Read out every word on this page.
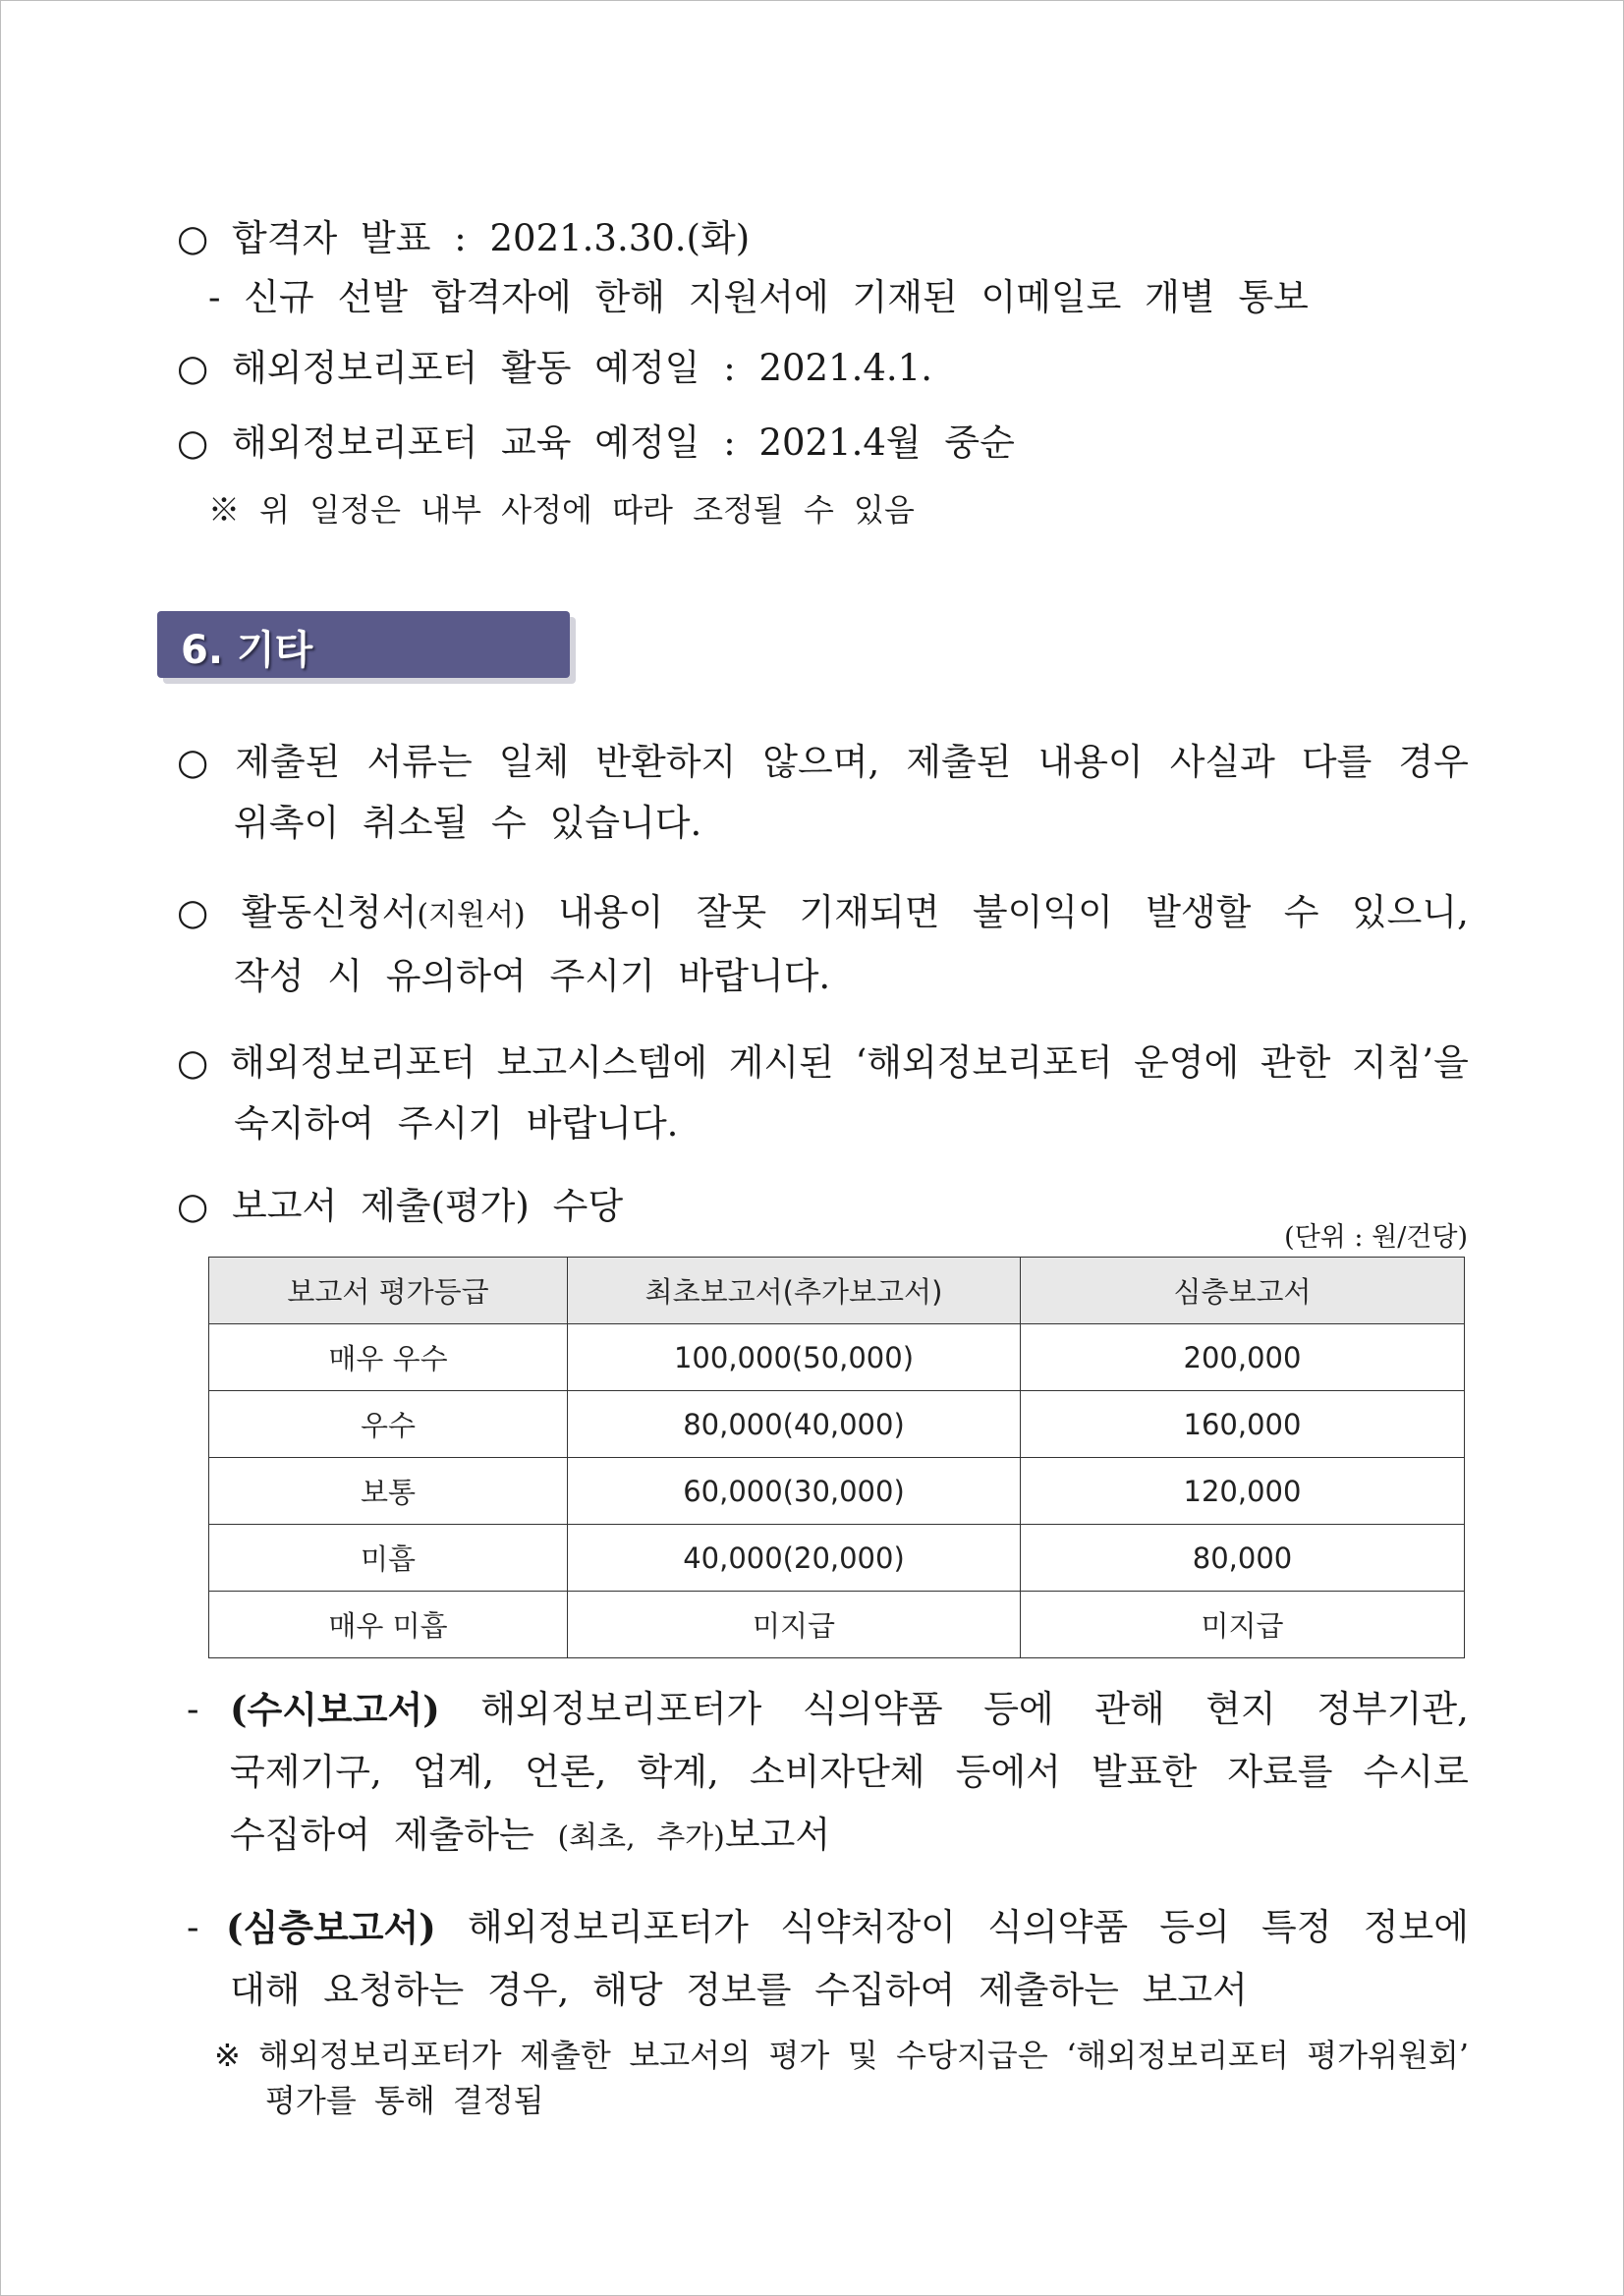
○ 합격자 발표 : 2021.3.30.(화)
- 신규 선발 합격자에 한해 지원서에 기재된 이메일로 개별 통보
○ 해외정보리포터 활동 예정일 : 2021.4.1.
○ 해외정보리포터 교육 예정일 : 2021.4월 중순
※ 위 일정은 내부 사정에 따라 조정될 수 있음
6. 기타
○ 제출된 서류는 일체 반환하지 않으며, 제출된 내용이 사실과 다를 경우
위촉이 취소될 수 있습니다.
○ 활동신청서(지원서) 내용이 잘못 기재되면 불이익이 발생할 수 있으니,
작성 시 유의하여 주시기 바랍니다.
○ 해외정보리포터 보고시스템에 게시된 ‘해외정보리포터 운영에 관한 지침’을
숙지하여 주시기 바랍니다.
○ 보고서 제출(평가) 수당
(단위 : 원/건당)
보고서 평가등급	최초보고서(추가보고서)	심층보고서
매우 우수	100,000(50,000)	200,000
우수	80,000(40,000)	160,000
보통	60,000(30,000)	120,000
미흡	40,000(20,000)	80,000
매우 미흡	미지급	미지급
- (수시보고서) 해외정보리포터가 식의약품 등에 관해 현지 정부기관,
국제기구, 업계, 언론, 학계, 소비자단체 등에서 발표한 자료를 수시로
수집하여 제출하는 (최초, 추가)보고서
- (심층보고서) 해외정보리포터가 식약처장이 식의약품 등의 특정 정보에
대해 요청하는 경우, 해당 정보를 수집하여 제출하는 보고서
※ 해외정보리포터가 제출한 보고서의 평가 및 수당지급은 ‘해외정보리포터 평가위원회’
평가를 통해 결정됨
